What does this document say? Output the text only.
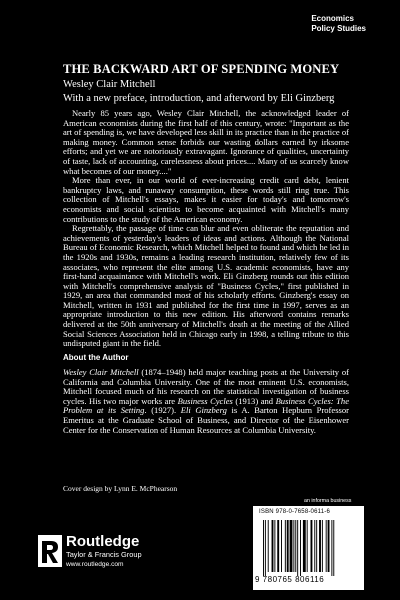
Economics
Policy Studies
THE BACKWARD ART OF SPENDING MONEY
Wesley Clair Mitchell
With a new preface, introduction, and afterword by Eli Ginzberg

Nearly 85 years ago, Wesley Clair Mitchell, the acknowledged leader of American economists during the first half of this century, wrote: "Important as the art of spending is, we have developed less skill in its practice than in the practice of making money. Common sense forbids our wasting dollars earned by irksome efforts; and yet we are notoriously extravagant. Ignorance of qualities, uncertainty of taste, lack of accounting, carelessness about prices.... Many of us scarcely know what becomes of our money...."

More than ever, in our world of ever-increasing credit card debt, lenient bankruptcy laws, and runaway consumption, these words still ring true. This collection of Mitchell's essays, makes it easier for today's and tomorrow's economists and social scientists to become acquainted with Mitchell's many contributions to the study of the American economy.

Regrettably, the passage of time can blur and even obliterate the reputation and achievements of yesterday's leaders of ideas and actions. Although the National Bureau of Economic Research, which Mitchell helped to found and which he led in the 1920s and 1930s, remains a leading research institution, relatively few of its associates, who represent the elite among U.S. academic economists, have any first-hand acquaintance with Mitchell's work. Eli Ginzberg rounds out this edition with Mitchell's comprehensive analysis of "Business Cycles," first published in 1929, an area that commanded most of his scholarly efforts. Ginzberg's essay on Mitchell, written in 1931 and published for the first time in 1997, serves as an appropriate introduction to this new edition. His afterword contains remarks delivered at the 50th anniversary of Mitchell's death at the meeting of the Allied Social Sciences Association held in Chicago early in 1998, a telling tribute to this undisputed giant in the field.

About the Author

Wesley Clair Mitchell (1874–1948) held major teaching posts at the University of California and Columbia University. One of the most eminent U.S. economists, Mitchell focused much of his research on the statistical investigation of business cycles. His two major works are Business Cycles (1913) and Business Cycles: The Problem at its Setting. (1927). Eli Ginzberg is A. Barton Hepburn Professor Emeritus at the Graduate School of Business, and Director of the Eisenhower Center for the Conservation of Human Resources at Columbia University.

Cover design by Lynn E. McPhearson
an informa business
ISBN 978-0-7658-0611-6
9 780765 806116
Routledge
Taylor & Francis Group
www.routledge.com
